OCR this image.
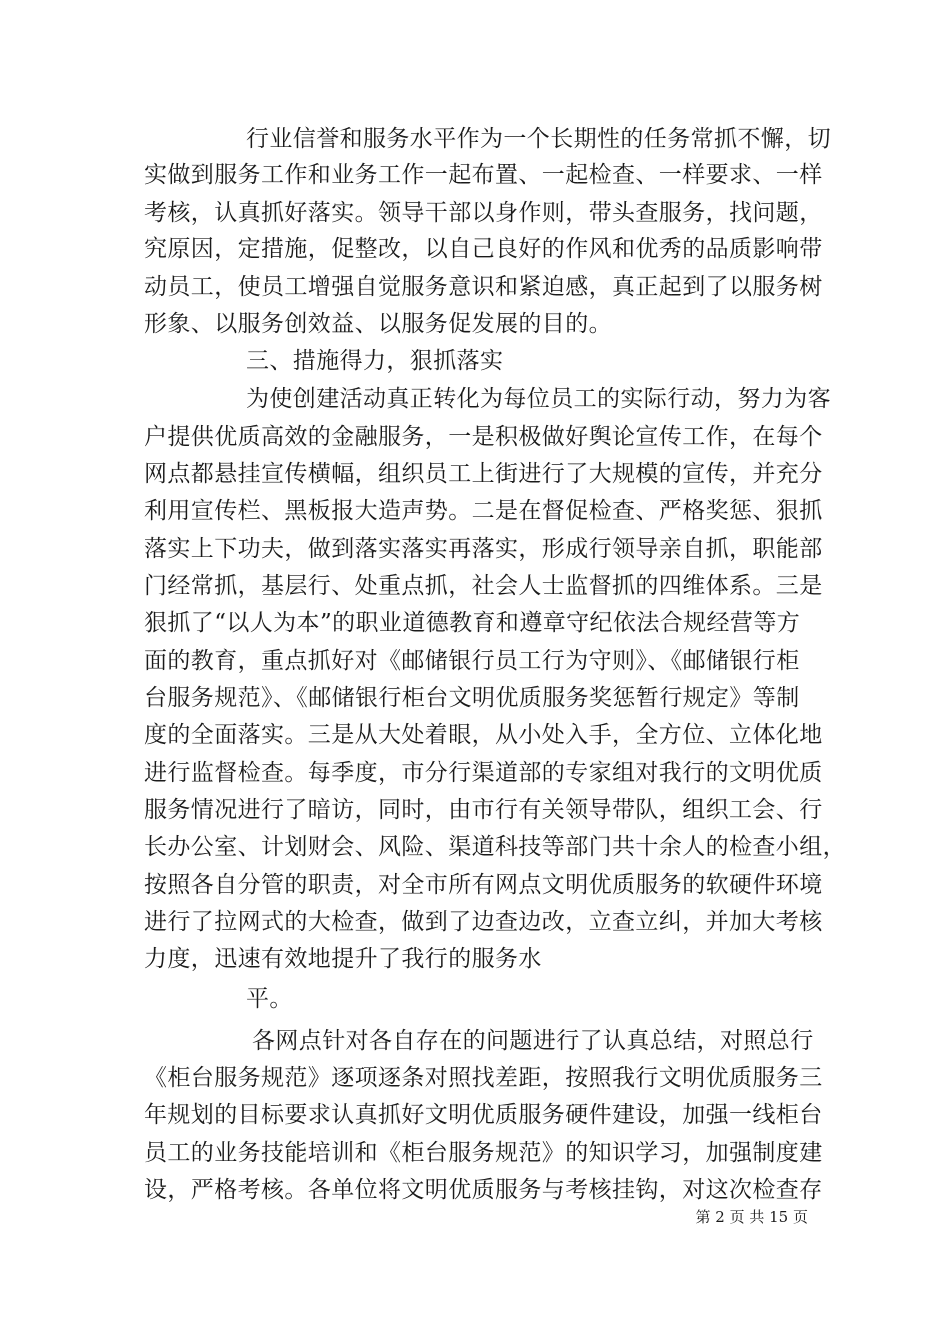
行业信誉和服务水平作为一个长期性的任务常抓不懈，切
实做到服务工作和业务工作一起布置、一起检查、一样要求、一样
考核，认真抓好落实。领导干部以身作则，带头查服务，找问题，
究原因，定措施，促整改，以自己良好的作风和优秀的品质影响带
动员工，使员工增强自觉服务意识和紧迫感，真正起到了以服务树
形象、以服务创效益、以服务促发展的目的。
三、措施得力，狠抓落实
为使创建活动真正转化为每位员工的实际行动，努力为客
户提供优质高效的金融服务，一是积极做好舆论宣传工作，在每个
网点都悬挂宣传横幅，组织员工上街进行了大规模的宣传，并充分
利用宣传栏、黑板报大造声势。二是在督促检查、严格奖惩、狠抓
落实上下功夫，做到落实落实再落实，形成行领导亲自抓，职能部
门经常抓，基层行、处重点抓，社会人士监督抓的四维体系。三是
狠抓了“以人为本”的职业道德教育和遵章守纪依法合规经营等方
面的教育，重点抓好对《邮储银行员工行为守则》、《邮储银行柜
台服务规范》、《邮储银行柜台文明优质服务奖惩暂行规定》等制
度的全面落实。三是从大处着眼，从小处入手，全方位、立体化地
进行监督检查。每季度，市分行渠道部的专家组对我行的文明优质
服务情况进行了暗访，同时，由市行有关领导带队，组织工会、行
长办公室、计划财会、风险、渠道科技等部门共十余人的检查小组，
按照各自分管的职责，对全市所有网点文明优质服务的软硬件环境
进行了拉网式的大检查，做到了边查边改，立查立纠，并加大考核
力度，迅速有效地提升了我行的服务水
平。
各网点针对各自存在的问题进行了认真总结，对照总行
《柜台服务规范》逐项逐条对照找差距，按照我行文明优质服务三
年规划的目标要求认真抓好文明优质服务硬件建设，加强一线柜台
员工的业务技能培训和《柜台服务规范》的知识学习，加强制度建
设，严格考核。各单位将文明优质服务与考核挂钩，对这次检查存
第 2 页 共 15 页
